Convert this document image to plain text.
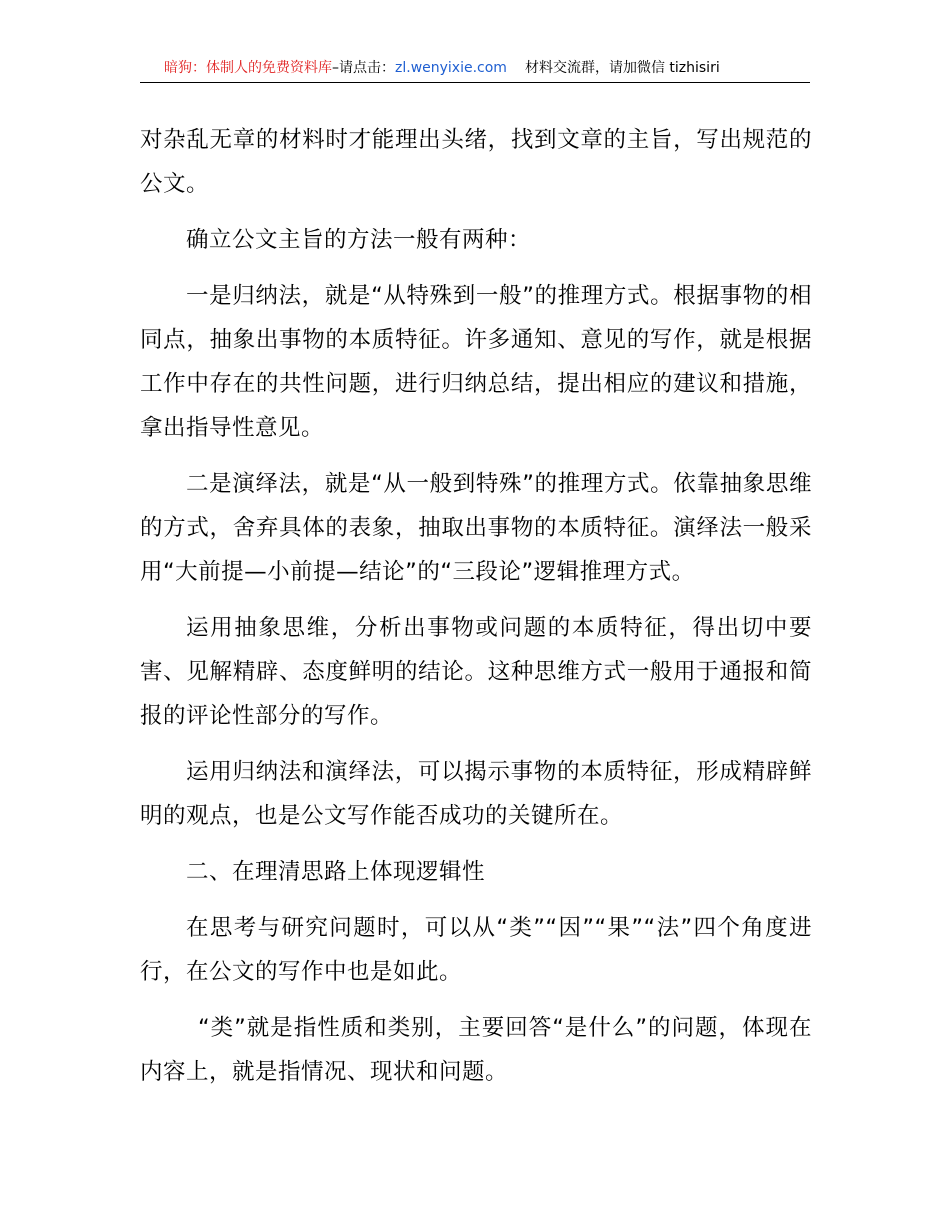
暗狗：体制人的免费资料库–请点击：zl.wenyixie.com 材料交流群，请加微信 tizhisiri

对杂乱无章的材料时才能理出头绪，找到文章的主旨，写出规范的公文。

确立公文主旨的方法一般有两种：

一是归纳法，就是“从特殊到一般”的推理方式。根据事物的相同点，抽象出事物的本质特征。许多通知、意见的写作，就是根据工作中存在的共性问题，进行归纳总结，提出相应的建议和措施，拿出指导性意见。

二是演绎法，就是“从一般到特殊”的推理方式。依靠抽象思维的方式，舍弃具体的表象，抽取出事物的本质特征。演绎法一般采用“大前提—小前提—结论”的“三段论”逻辑推理方式。

运用抽象思维，分析出事物或问题的本质特征，得出切中要害、见解精辟、态度鲜明的结论。这种思维方式一般用于通报和简报的评论性部分的写作。

运用归纳法和演绎法，可以揭示事物的本质特征，形成精辟鲜明的观点，也是公文写作能否成功的关键所在。

二、在理清思路上体现逻辑性

在思考与研究问题时，可以从“类”“因”“果”“法”四个角度进行，在公文的写作中也是如此。

“类”就是指性质和类别，主要回答“是什么”的问题，体现在内容上，就是指情况、现状和问题。
